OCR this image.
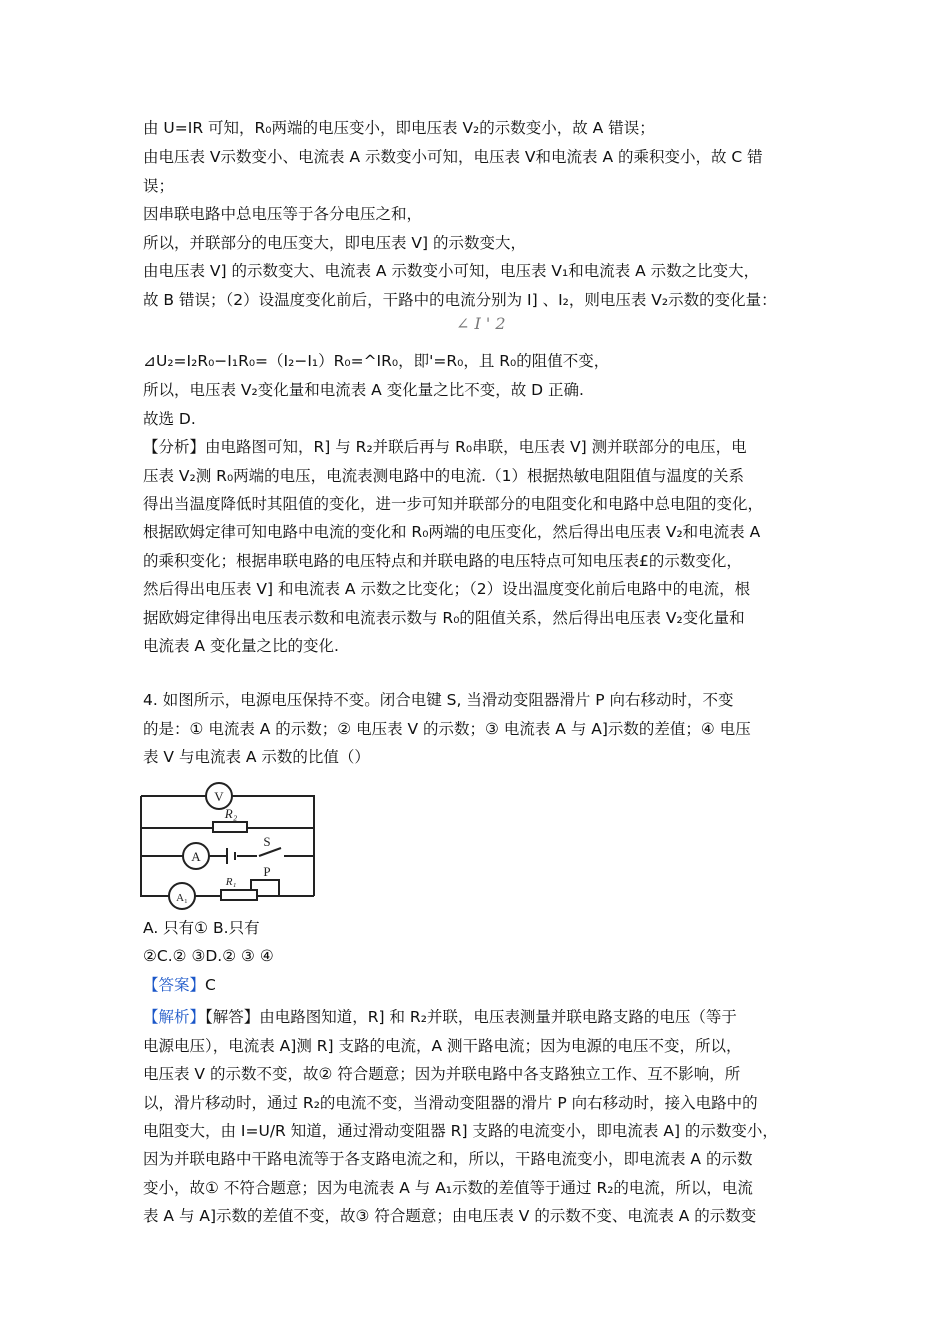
∠ I ' 2
【答案】C
V
R₂
S
A
A₁
R₁
P
由 U=IR 可知，R₀两端的电压变小，即电压表 V₂的示数变小，故 A 错误；
由电压表 V示数变小、电流表 A 示数变小可知，电压表 V和电流表 A 的乘积变小，故 C 错
误；
因串联电路中总电压等于各分电压之和，
所以，并联部分的电压变大，即电压表 V] 的示数变大，
由电压表 V] 的示数变大、电流表 A 示数变小可知，电压表 V₁和电流表 A 示数之比变大，
故 B 错误；（2）设温度变化前后，干路中的电流分别为 I] 、I₂，则电压表 V₂示数的变化量：
⊿U₂=I₂R₀−I₁R₀=（I₂−I₁）R₀=^IR₀，即'=R₀，且 R₀的阻值不变，
所以，电压表 V₂变化量和电流表 A 变化量之比不变，故 D 正确.
故选 D.
【分析】由电路图可知，R] 与 R₂并联后再与 R₀串联，电压表 V] 测并联部分的电压，电
压表 V₂测 R₀两端的电压，电流表测电路中的电流.（1）根据热敏电阻阻值与温度的关系
得出当温度降低时其阻值的变化，进一步可知并联部分的电阻变化和电路中总电阻的变化，
根据欧姆定律可知电路中电流的变化和 R₀两端的电压变化，然后得出电压表 V₂和电流表 A
的乘积变化；根据串联电路的电压特点和并联电路的电压特点可知电压表£的示数变化，
然后得出电压表 V] 和电流表 A 示数之比变化；（2）设出温度变化前后电路中的电流，根
据欧姆定律得出电压表示数和电流表示数与 R₀的阻值关系，然后得出电压表 V₂变化量和
电流表 A 变化量之比的变化.
4. 如图所示，电源电压保持不变。闭合电键 S, 当滑动变阻器滑片 P 向右移动时，不变
的是：① 电流表 A 的示数；② 电压表 V 的示数；③ 电流表 A 与 A]示数的差值；④ 电压
表 V 与电流表 A 示数的比值（）
A. 只有① B.只有
②C.② ③D.② ③ ④
【解析】【解答】由电路图知道，R] 和 R₂并联，电压表测量并联电路支路的电压（等于
电源电压），电流表 A]测 R] 支路的电流，A 测干路电流；因为电源的电压不变，所以，
电压表 V 的示数不变，故② 符合题意；因为并联电路中各支路独立工作、互不影响，所
以，滑片移动时，通过 R₂的电流不变，当滑动变阻器的滑片 P 向右移动时，接入电路中的
电阻变大，由 I=U/R 知道，通过滑动变阻器 R] 支路的电流变小，即电流表 A] 的示数变小，
因为并联电路中干路电流等于各支路电流之和，所以，干路电流变小，即电流表 A 的示数
变小，故① 不符合题意；因为电流表 A 与 A₁示数的差值等于通过 R₂的电流，所以，电流
表 A 与 A]示数的差值不变，故③ 符合题意；由电压表 V 的示数不变、电流表 A 的示数变
